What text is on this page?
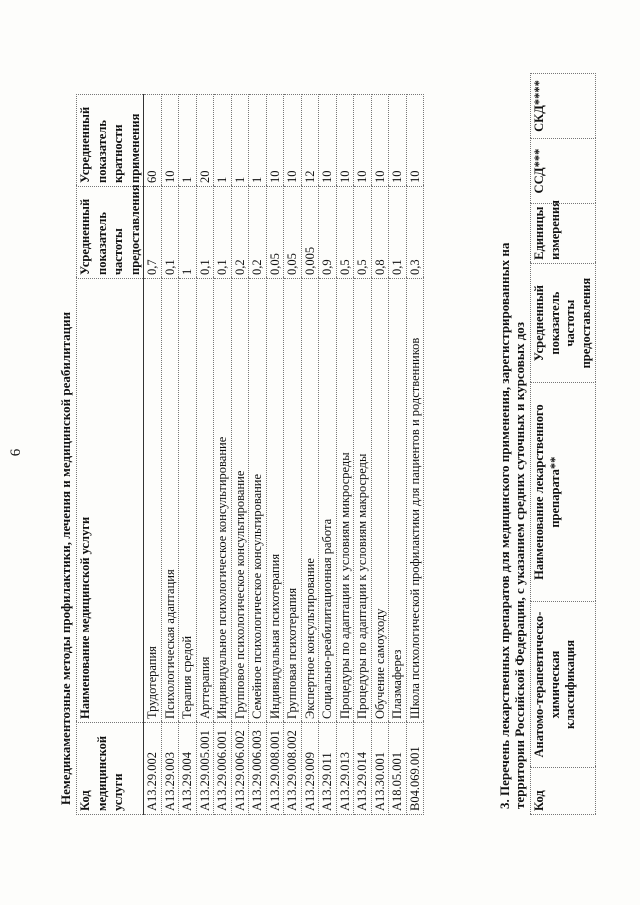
6	Немедикаментозные методы профилактики, лечения и медицинской реабилитации Код медицинской услуги	Наименование медицинской услуги	Усредненный показатель частоты предоставления	Усредненный показатель кратности применения
A13.29.002	Трудотерапия	0,7	60
A13.29.003	Психологическая адаптация	0,1	10
A13.29.004	Терапия средой	1	1
A13.29.005.001	Арттерапия	0,1	20
A13.29.006.001	Индивидуальное психологическое консультирование	0,1	1
A13.29.006.002	Групповое психологическое консультирование	0,2	1
A13.29.006.003	Семейное психологическое консультирование	0,2	1
A13.29.008.001	Индивидуальная психотерапия	0,05	10
A13.29.008.002	Групповая психотерапия	0,05	10
A13.29.009	Экспертное консультирование	0,005	12
A13.29.011	Социально-реабилитационная работа	0,9	10
A13.29.013	Процедуры по адаптации к условиям микросреды	0,5	10
A13.29.014	Процедуры по адаптации к условиям макросреды	0,5	10
A13.30.001	Обучение самоуходу	0,8	10
A18.05.001	Плазмаферез	0,1	10
B04.069.001	Школа психологической профилактики для пациентов и родственников	0,3	10
3. Перечень лекарственных препаратов для медицинского применения, зарегистрированных на территории Российской Федерации, с указанием средних суточных и курсовых доз Код	Анатомо-терапевтическо-химическая классификация	Наименование лекарственного препарата**	Усредненный показатель частоты предоставления	Единицы измерения	ССД***	СКД****
